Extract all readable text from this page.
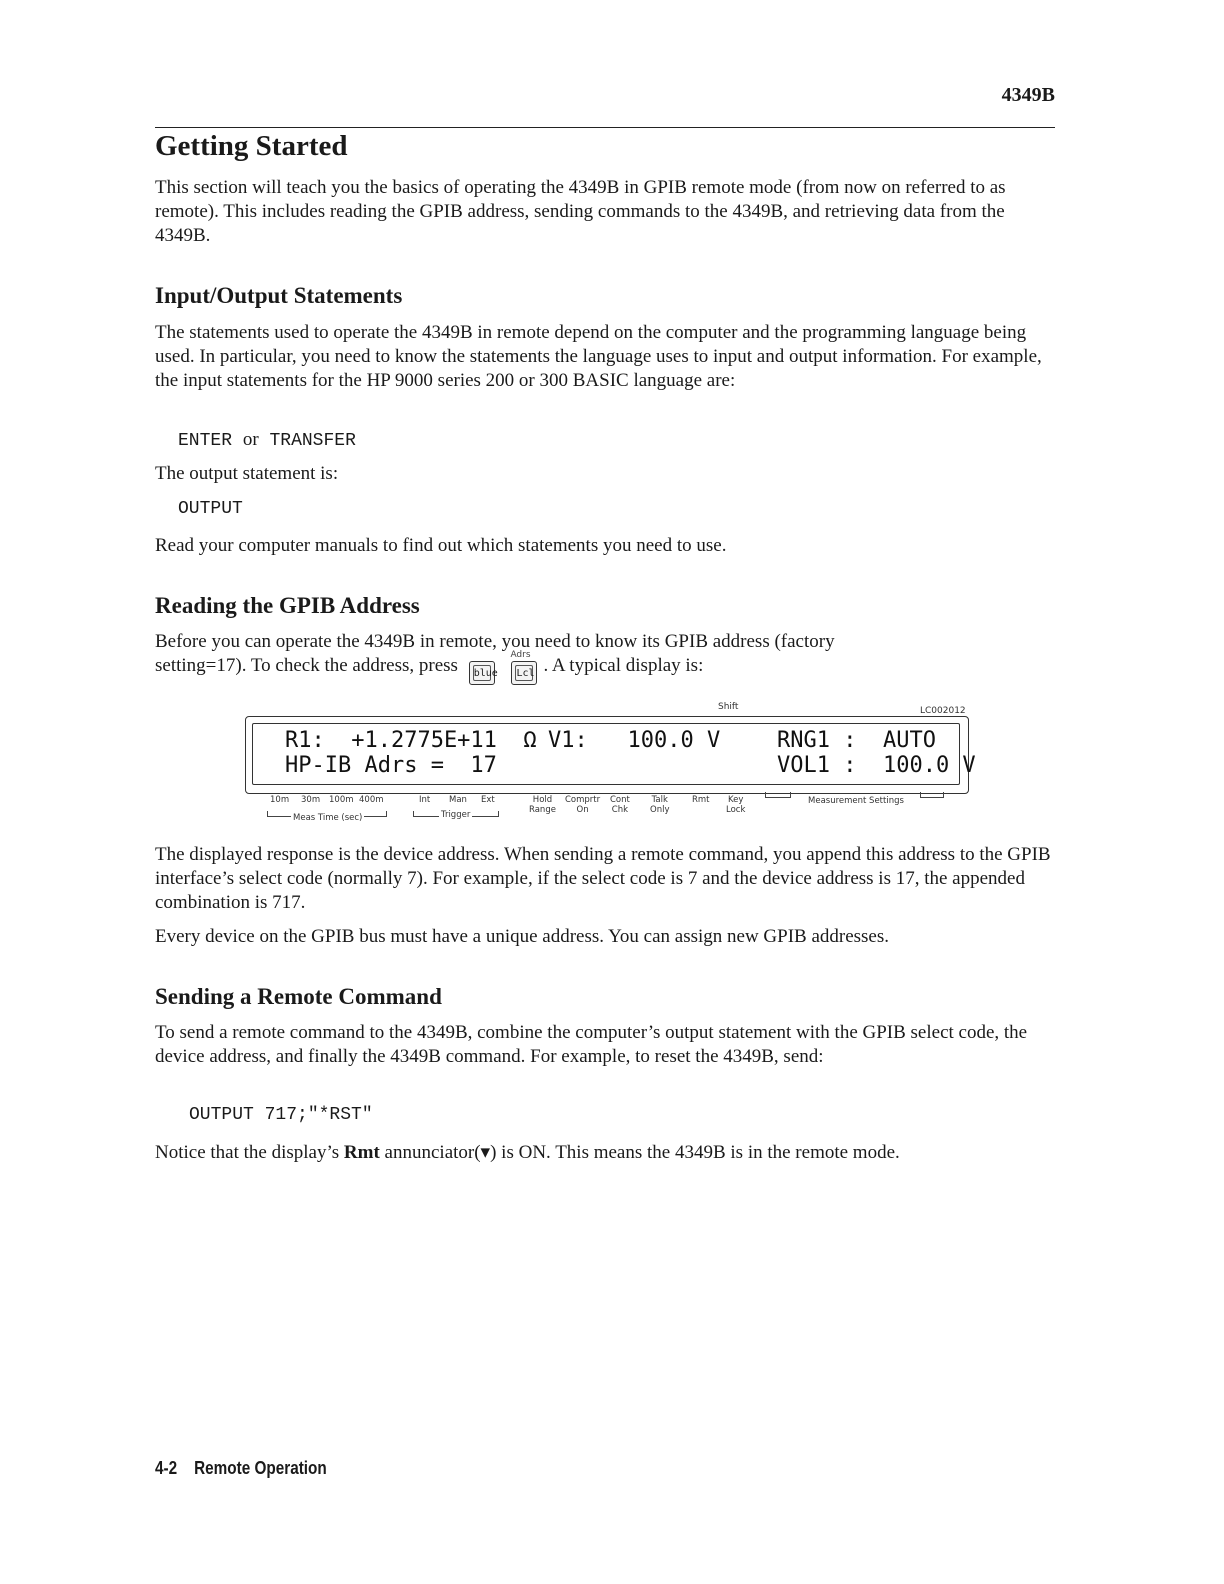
4349B
Getting Started

This section will teach you the basics of operating the 4349B in GPIB remote mode (from now on referred to as remote). This includes reading the GPIB address, sending commands to the 4349B, and retrieving data from the 4349B.

Input/Output Statements

The statements used to operate the 4349B in remote depend on the computer and the programming language being used. In particular, you need to know the statements the language uses to input and output information. For example, the input statements for the HP 9000 series 200 or 300 BASIC language are:

ENTER or TRANSFER

The output statement is:

OUTPUT

Read your computer manuals to find out which statements you need to use.

Reading the GPIB Address

Before you can operate the 4349B in remote, you need to know its GPIB address (factory

setting=17). To check the address, press blue

Adrs
Lcl . A typical display is:

The displayed response is the device address. When sending a remote command, you append this address to the GPIB interface’s select code (normally 7). For example, if the select code is 7 and the device address is 17, the appended combination is 717.

Every device on the GPIB bus must have a unique address. You can assign new GPIB addresses.

Sending a Remote Command

To send a remote command to the 4349B, combine the computer’s output statement with the GPIB select code, the device address, and finally the 4349B command. For example, to reset the 4349B, send:

OUTPUT 717;"*RST"

Notice that the display’s Rmt annunciator(▾) is ON. This means the 4349B is in the remote mode.

Shift	LC002012
R1:  +1.2775E+11  Ω V1:   100.0 V	RNG1 :  AUTO
HP-IB Adrs =  17	VOL1 :  100.0 V
10m 30m 100m 400m	Int Man Ext	Hold
Range
Comprtr
On
Cont
Chk
Talk
Only
Rmt Key
Lock
Measurement Settings
Meas Time (sec)	Trigger
4-2 Remote Operation
